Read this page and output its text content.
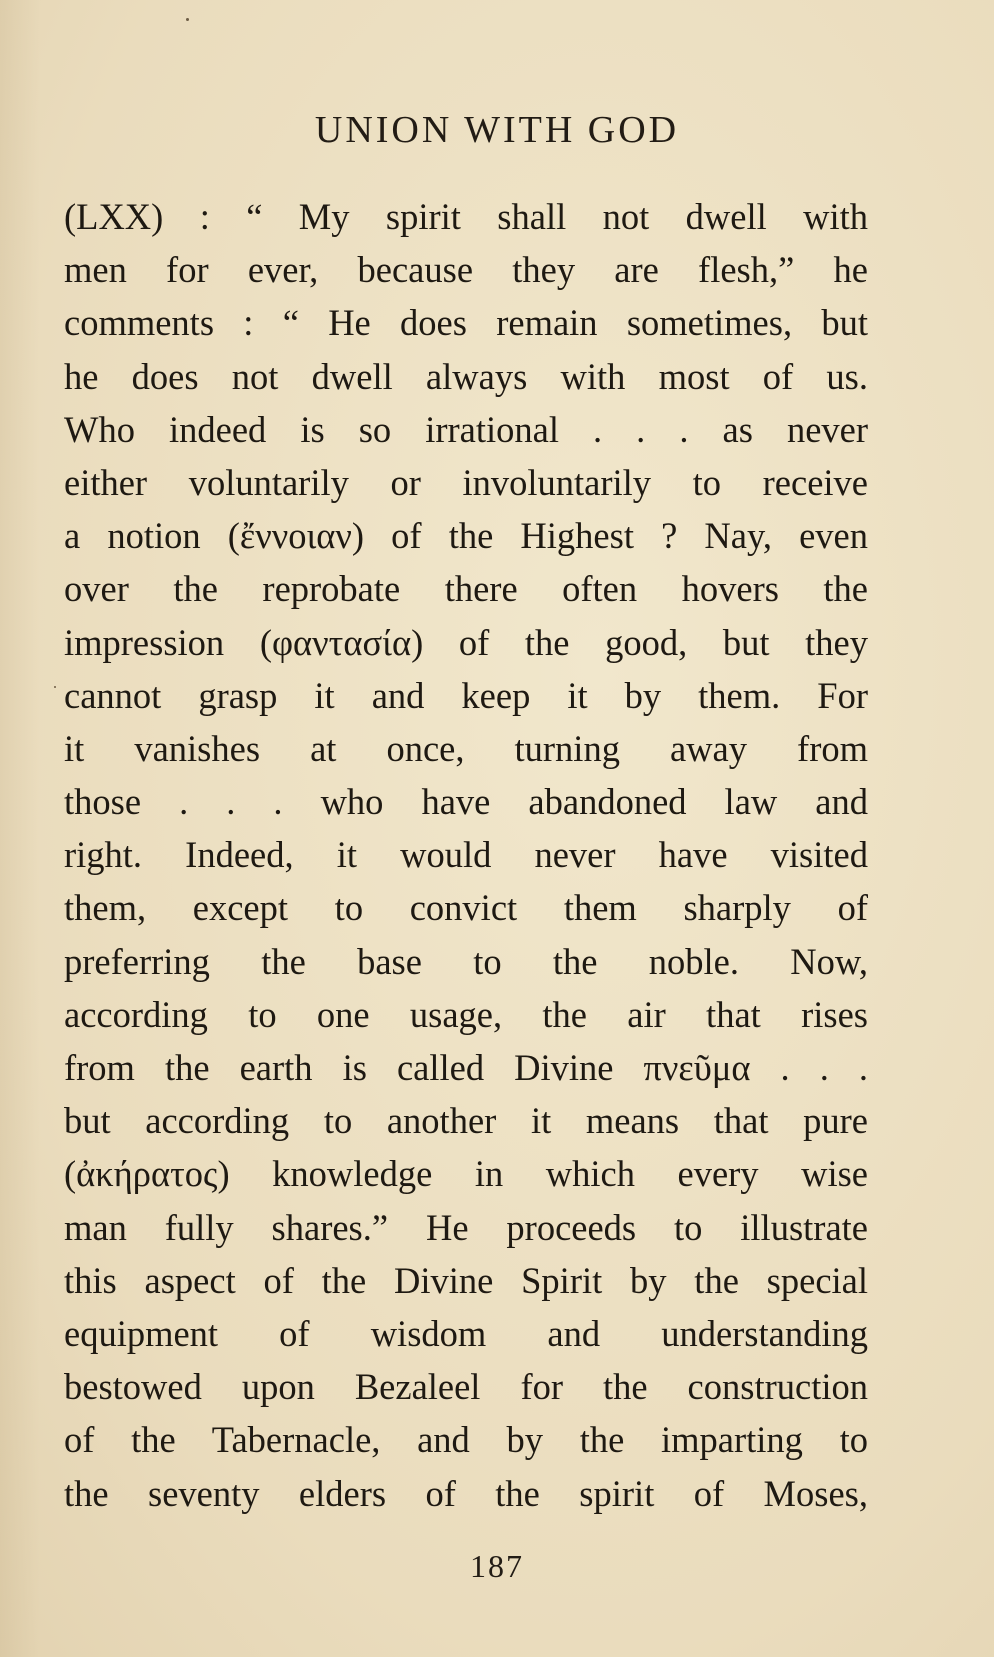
UNION WITH GOD
(LXX) : “ My spirit shall not dwell with
men for ever, because they are flesh,” he
comments : “ He does remain sometimes, but
he does not dwell always with most of us.
Who indeed is so irrational . . . as never
either voluntarily or involuntarily to receive
a notion (ἔννοιαν) of the Highest ? Nay, even
over the reprobate there often hovers the
impression (φαντασία) of the good, but they
cannot grasp it and keep it by them. For
it vanishes at once, turning away from
those . . . who have abandoned law and
right. Indeed, it would never have visited
them, except to convict them sharply of
preferring the base to the noble. Now,
according to one usage, the air that rises
from the earth is called Divine πνεῦμα . . .
but according to another it means that pure
(ἀκήρατος) knowledge in which every wise
man fully shares.” He proceeds to illustrate
this aspect of the Divine Spirit by the special
equipment of wisdom and understanding
bestowed upon Bezaleel for the construction
of the Tabernacle, and by the imparting to
the seventy elders of the spirit of Moses,
187
